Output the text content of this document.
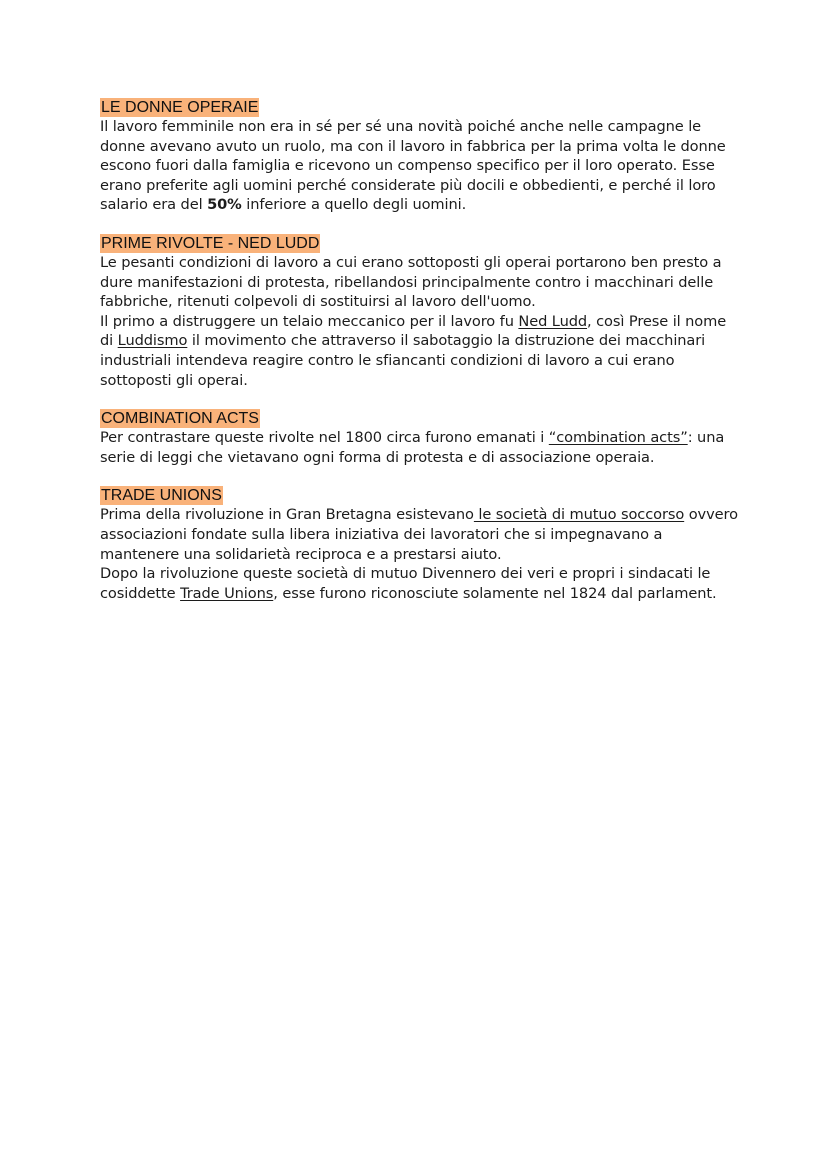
LE DONNE OPERAIE

Il lavoro femminile non era in sé per sé una novità poiché anche nelle campagne le donne avevano avuto un ruolo, ma con il lavoro in fabbrica per la prima volta le donne escono fuori dalla famiglia e ricevono un compenso specifico per il loro operato. Esse erano preferite agli uomini perché considerate più docili e obbedienti, e perché il loro salario era del 50% inferiore a quello degli uomini.

PRIME RIVOLTE - NED LUDD

Le pesanti condizioni di lavoro a cui erano sottoposti gli operai portarono ben presto a dure manifestazioni di protesta, ribellandosi principalmente contro i macchinari delle fabbriche, ritenuti colpevoli di sostituirsi al lavoro dell'uomo.

Il primo a distruggere un telaio meccanico per il lavoro fu Ned Ludd, così Prese il nome di Luddismo il movimento che attraverso il sabotaggio la distruzione dei macchinari industriali intendeva reagire contro le sfiancanti condizioni di lavoro a cui erano sottoposti gli operai.

COMBINATION ACTS

Per contrastare queste rivolte nel 1800 circa furono emanati i “combination acts”: una serie di leggi che vietavano ogni forma di protesta e di associazione operaia.

TRADE UNIONS

Prima della rivoluzione in Gran Bretagna esistevano le società di mutuo soccorso ovvero associazioni fondate sulla libera iniziativa dei lavoratori che si impegnavano a mantenere una solidarietà reciproca e a prestarsi aiuto.

Dopo la rivoluzione queste società di mutuo Divennero dei veri e propri i sindacati le cosiddette Trade Unions, esse furono riconosciute solamente nel 1824 dal parlament.
